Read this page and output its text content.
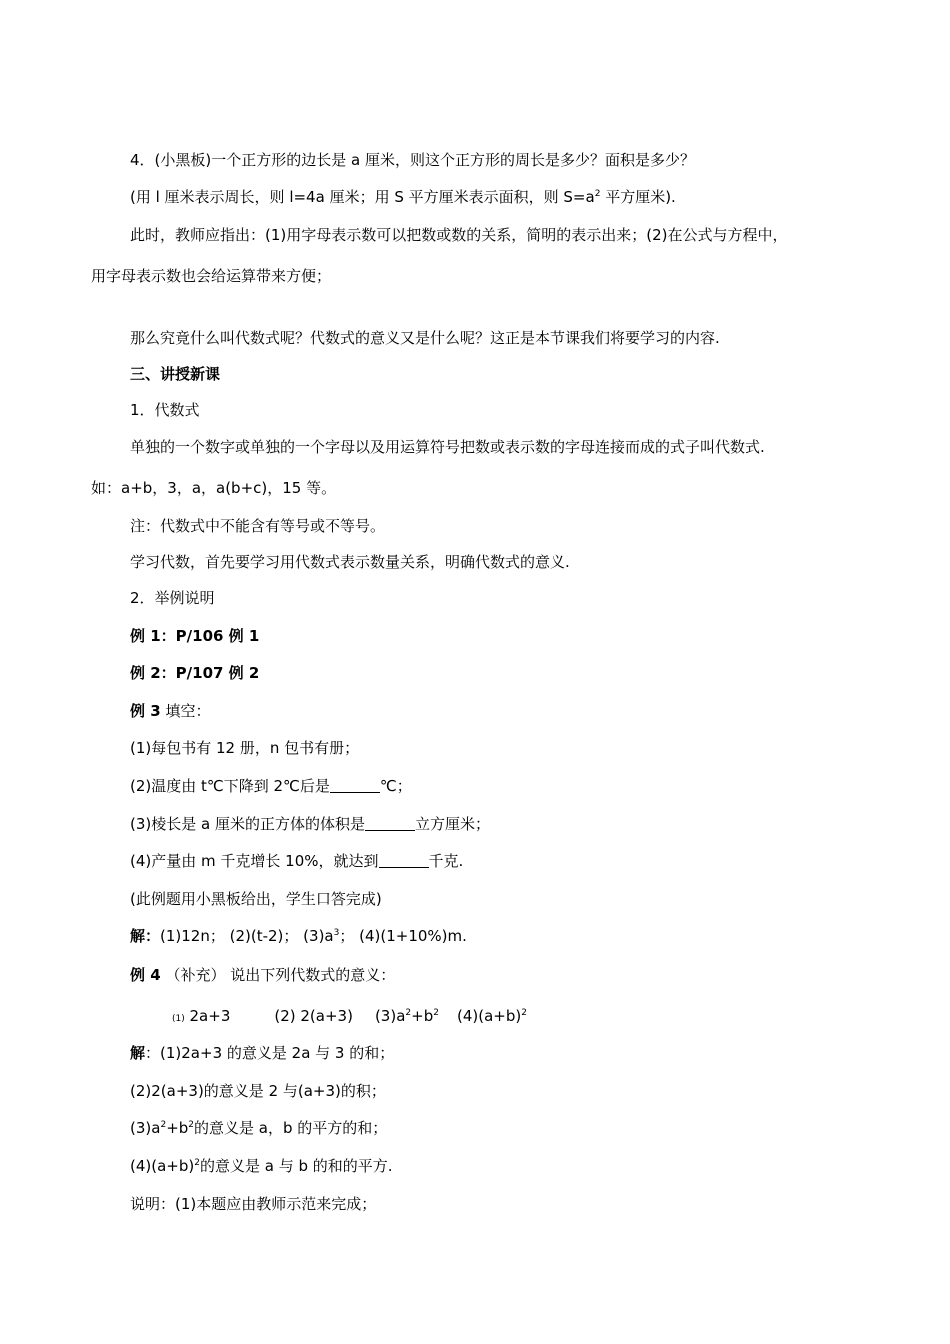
4．(小黑板)一个正方形的边长是 a 厘米，则这个正方形的周长是多少？面积是多少？
(用 l 厘米表示周长，则 l=4a 厘米；用 S 平方厘米表示面积，则 $S=a^2$ 平方厘米).
此时，教师应指出：(1)用字母表示数可以把数或数的关系，简明的表示出来；(2)在公式与方程中，
用字母表示数也会给运算带来方便；
那么究竟什么叫代数式呢？代数式的意义又是什么呢？这正是本节课我们将要学习的内容.
三、讲授新课
1．代数式
单独的一个数字或单独的一个字母以及用运算符号把数或表示数的字母连接而成的式子叫代数式.
如：a+b，3，a，a(b+c)，15 等。
注：代数式中不能含有等号或不等号。
学习代数，首先要学习用代数式表示数量关系，明确代数式的意义.
2．举例说明
例 1：P/106 例 1
例 2：P/107 例 2
例 3 填空：
(1)每包书有 12 册，n 包书有册；
(2)温度由 t℃下降到 2℃后是	℃；
(3)棱长是 a 厘米的正方体的体积是	立方厘米；
(4)产量由 m 千克增长 10%，就达到	千克.
(此例题用小黑板给出，学生口答完成)
解：(1)12n； (2)(t-2)； $(3)a^3$； (4)(1+10%)m.
例 4 （补充） 说出下列代数式的意义：
(1) 2a+3	(2) 2(a+3) $(3)a^2+b^2$ $(4)(a+b)^2$
解：(1)2a+3 的意义是 2a 与 3 的和；
(2)2(a+3)的意义是 2 与(a+3)的积；
$(3)a^2+b^2$的意义是 a，b 的平方的和；
$(4)(a+b)^2$的意义是 a 与 b 的和的平方.
说明：(1)本题应由教师示范来完成；
